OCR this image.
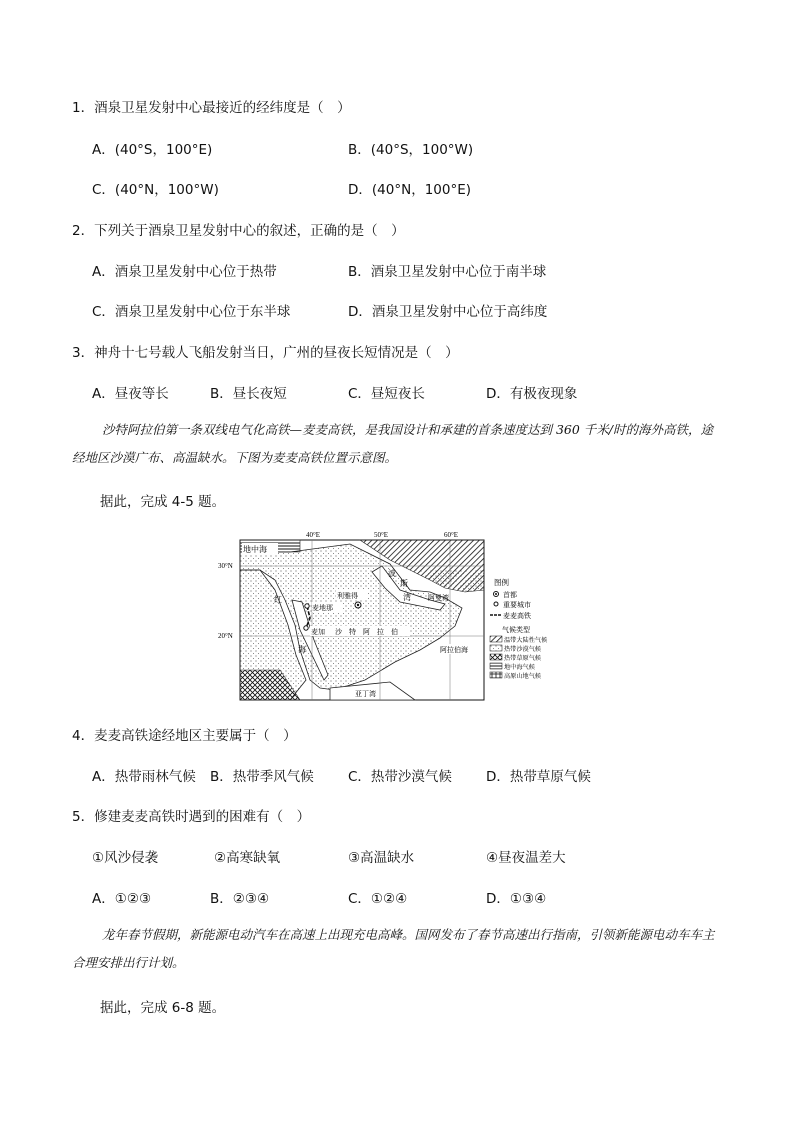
1．酒泉卫星发射中心最接近的经纬度是（　）
A．(40°S，100°E)	B．(40°S，100°W)
C．(40°N，100°W)	D．(40°N，100°E)
2．下列关于酒泉卫星发射中心的叙述，正确的是（　）
A．酒泉卫星发射中心位于热带	B．酒泉卫星发射中心位于南半球
C．酒泉卫星发射中心位于东半球	D．酒泉卫星发射中心位于高纬度
3．神舟十七号载人飞船发射当日，广州的昼夜长短情况是（　）
A．昼夜等长	B．昼长夜短	C．昼短夜长	D．有极夜现象
沙特阿拉伯第一条双线电气化高铁—麦麦高铁，是我国设计和承建的首条速度达到 360 千米/时的海外高铁，途经地区沙漠广布、高温缺水。下图为麦麦高铁位置示意图。
据此，完成 4-5 题。
40°E	50°E	60°E
30°N
20°N
地中海
红
海
波
斯
湾 阿曼湾
利雅得
麦地那
麦加 沙　特　阿　拉　伯
阿拉伯海
亚丁湾
图例
首都
重要城市
麦麦高铁
气候类型
温带大陆性气候
热带沙漠气候
热带草原气候
地中海气候
高原山地气候
4．麦麦高铁途经地区主要属于（　）
A．热带雨林气候 B．热带季风气候	C．热带沙漠气候	D．热带草原气候
5．修建麦麦高铁时遇到的困难有（　）
①风沙侵袭	②高寒缺氧	③高温缺水	④昼夜温差大
A．①②③	B．②③④	C．①②④	D．①③④
龙年春节假期，新能源电动汽车在高速上出现充电高峰。国网发布了春节高速出行指南，引领新能源电动车车主合理安排出行计划。
据此，完成 6-8 题。
